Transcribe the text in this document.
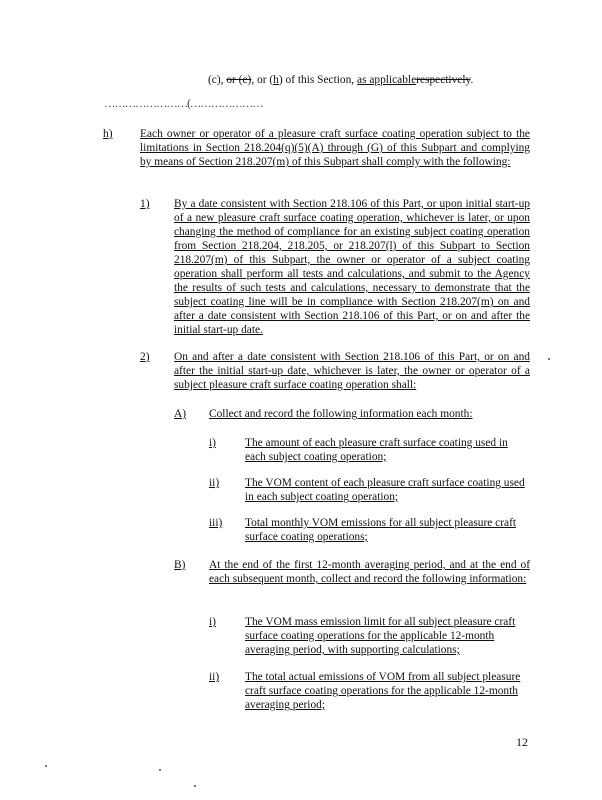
(c), or (e), or (h) of this Section, as applicablerespectively.
……………………(…………………
h) Each owner or operator of a pleasure craft surface coating operation subject to the limitations in Section 218.204(q)(5)(A) through (G) of this Subpart and complying by means of Section 218.207(m) of this Subpart shall comply with the following:
1) By a date consistent with Section 218.106 of this Part, or upon initial start-up of a new pleasure craft surface coating operation, whichever is later, or upon changing the method of compliance for an existing subject coating operation from Section 218.204, 218.205, or 218.207(l) of this Subpart to Section 218.207(m) of this Subpart, the owner or operator of a subject coating operation shall perform all tests and calculations, and submit to the Agency the results of such tests and calculations, necessary to demonstrate that the subject coating line will be in compliance with Section 218.207(m) on and after a date consistent with Section 218.106 of this Part, or on and after the initial start-up date.
2) On and after a date consistent with Section 218.106 of this Part, or on and after the initial start-up date, whichever is later, the owner or operator of a subject pleasure craft surface coating operation shall:
A) Collect and record the following information each month:
i)	The amount of each pleasure craft surface coating used in each subject coating operation;
ii) The VOM content of each pleasure craft surface coating used in each subject coating operation;
iii) Total monthly VOM emissions for all subject pleasure craft surface coating operations;
B) At the end of the first 12-month averaging period, and at the end of each subsequent month, collect and record the following information:
i)	The VOM mass emission limit for all subject pleasure craft surface coating operations for the applicable 12-month averaging period, with supporting calculations;
ii) The total actual emissions of VOM from all subject pleasure craft surface coating operations for the applicable 12-month averaging period;
12
